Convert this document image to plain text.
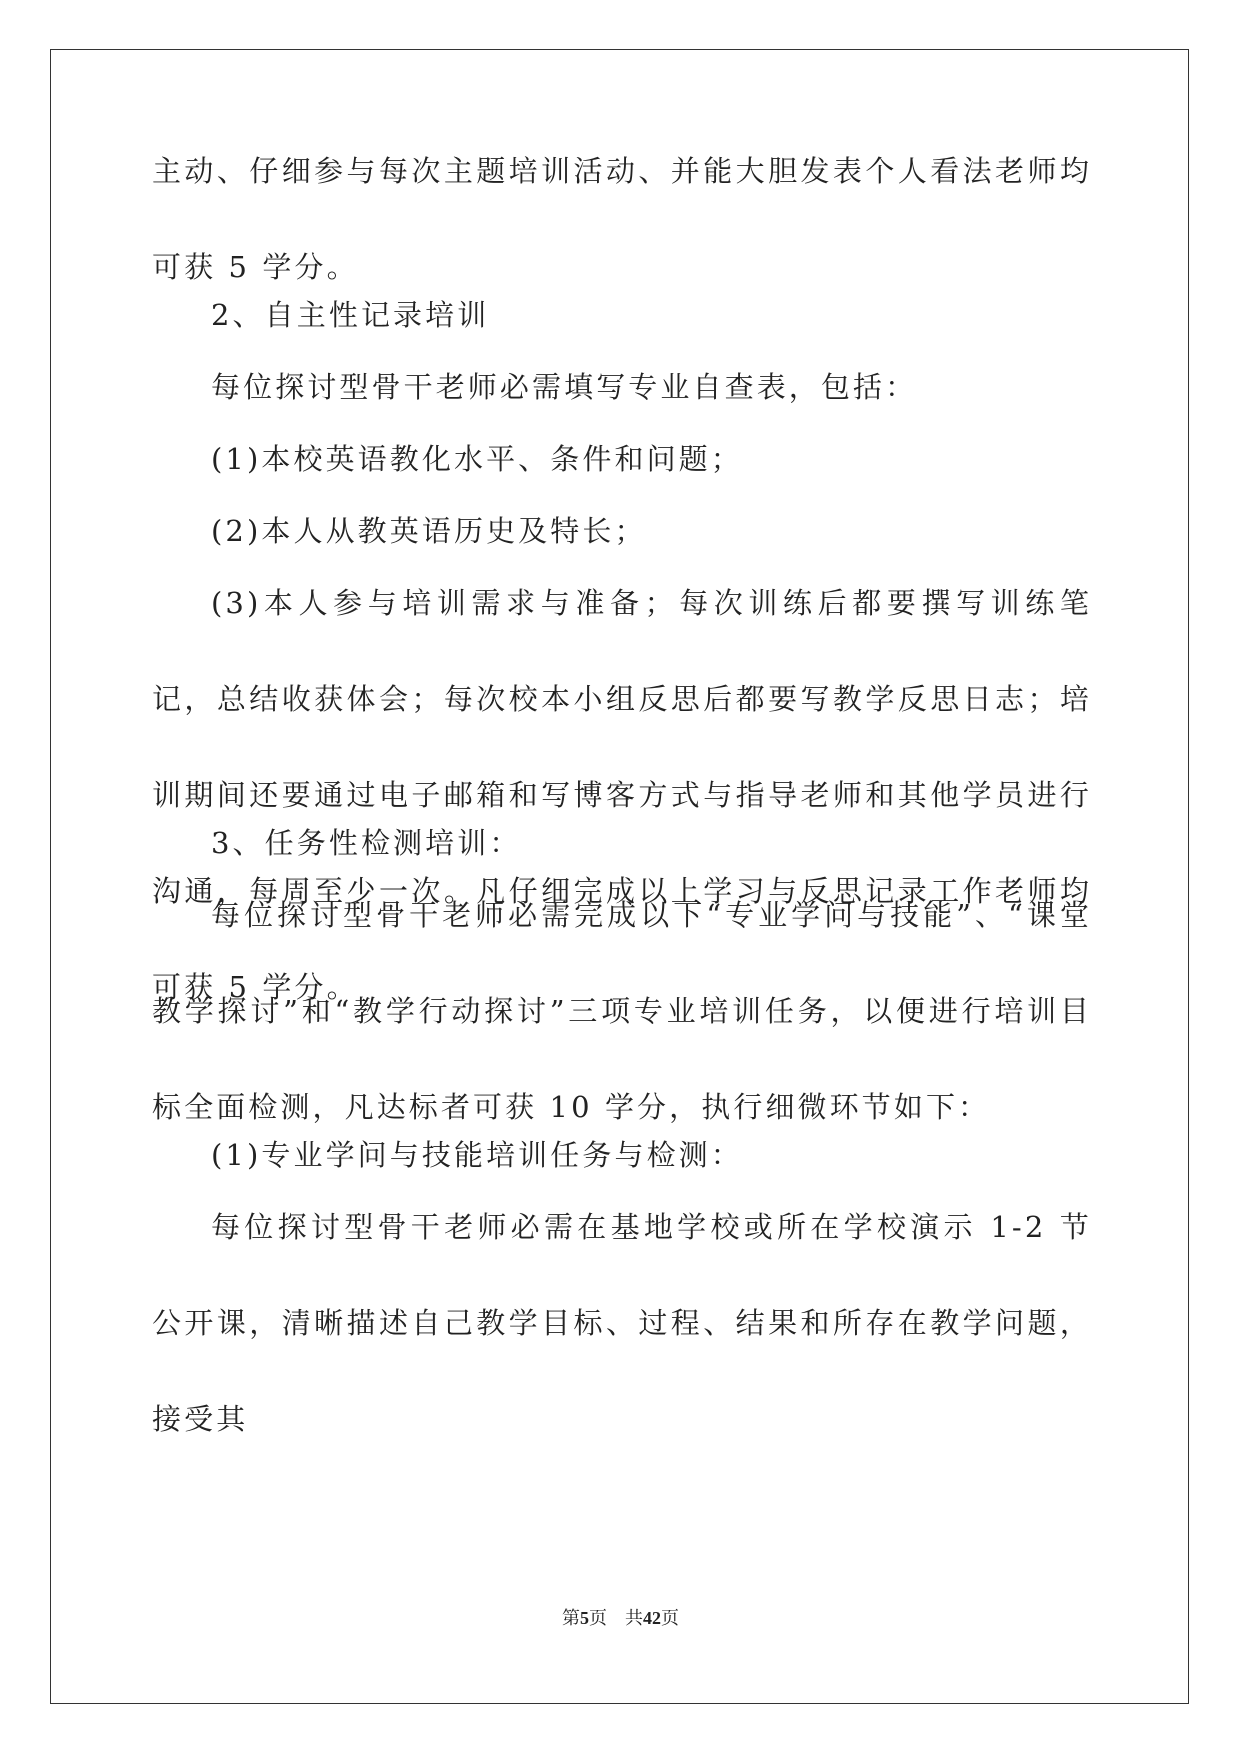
主动、仔细参与每次主题培训活动、并能大胆发表个人看法老师均可获 5 学分。

2、自主性记录培训

每位探讨型骨干老师必需填写专业自查表，包括：

(1)本校英语教化水平、条件和问题；

(2)本人从教英语历史及特长；

(3)本人参与培训需求与准备；每次训练后都要撰写训练笔记，总结收获体会；每次校本小组反思后都要写教学反思日志；培训期间还要通过电子邮箱和写博客方式与指导老师和其他学员进行沟通，每周至少一次。凡仔细完成以上学习与反思记录工作老师均可获 5 学分。

3、任务性检测培训：

每位探讨型骨干老师必需完成以下“专业学问与技能”、“课堂教学探讨”和“教学行动探讨”三项专业培训任务，以便进行培训目标全面检测，凡达标者可获 10 学分，执行细微环节如下：

(1)专业学问与技能培训任务与检测：

每位探讨型骨干老师必需在基地学校或所在学校演示 1-2 节公开课，清晰描述自己教学目标、过程、结果和所存在教学问题，接受其

第5页 共42页
